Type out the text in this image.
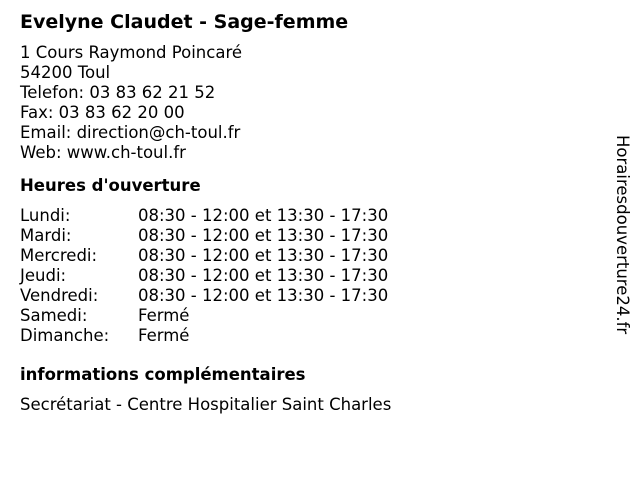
Evelyne Claudet - Sage-femme
1 Cours Raymond Poincaré
54200 Toul
Telefon: 03 83 62 21 52
Fax: 03 83 62 20 00
Email: direction@ch-toul.fr
Web: www.ch-toul.fr
Heures d'ouverture
Lundi:	08:30 - 12:00 et 13:30 - 17:30
Mardi:	08:30 - 12:00 et 13:30 - 17:30
Mercredi:	08:30 - 12:00 et 13:30 - 17:30
Jeudi:	08:30 - 12:00 et 13:30 - 17:30
Vendredi:	08:30 - 12:00 et 13:30 - 17:30
Samedi:	Fermé
Dimanche:	Fermé
informations complémentaires
Secrétariat - Centre Hospitalier Saint Charles
Horairesdouverture24.fr
